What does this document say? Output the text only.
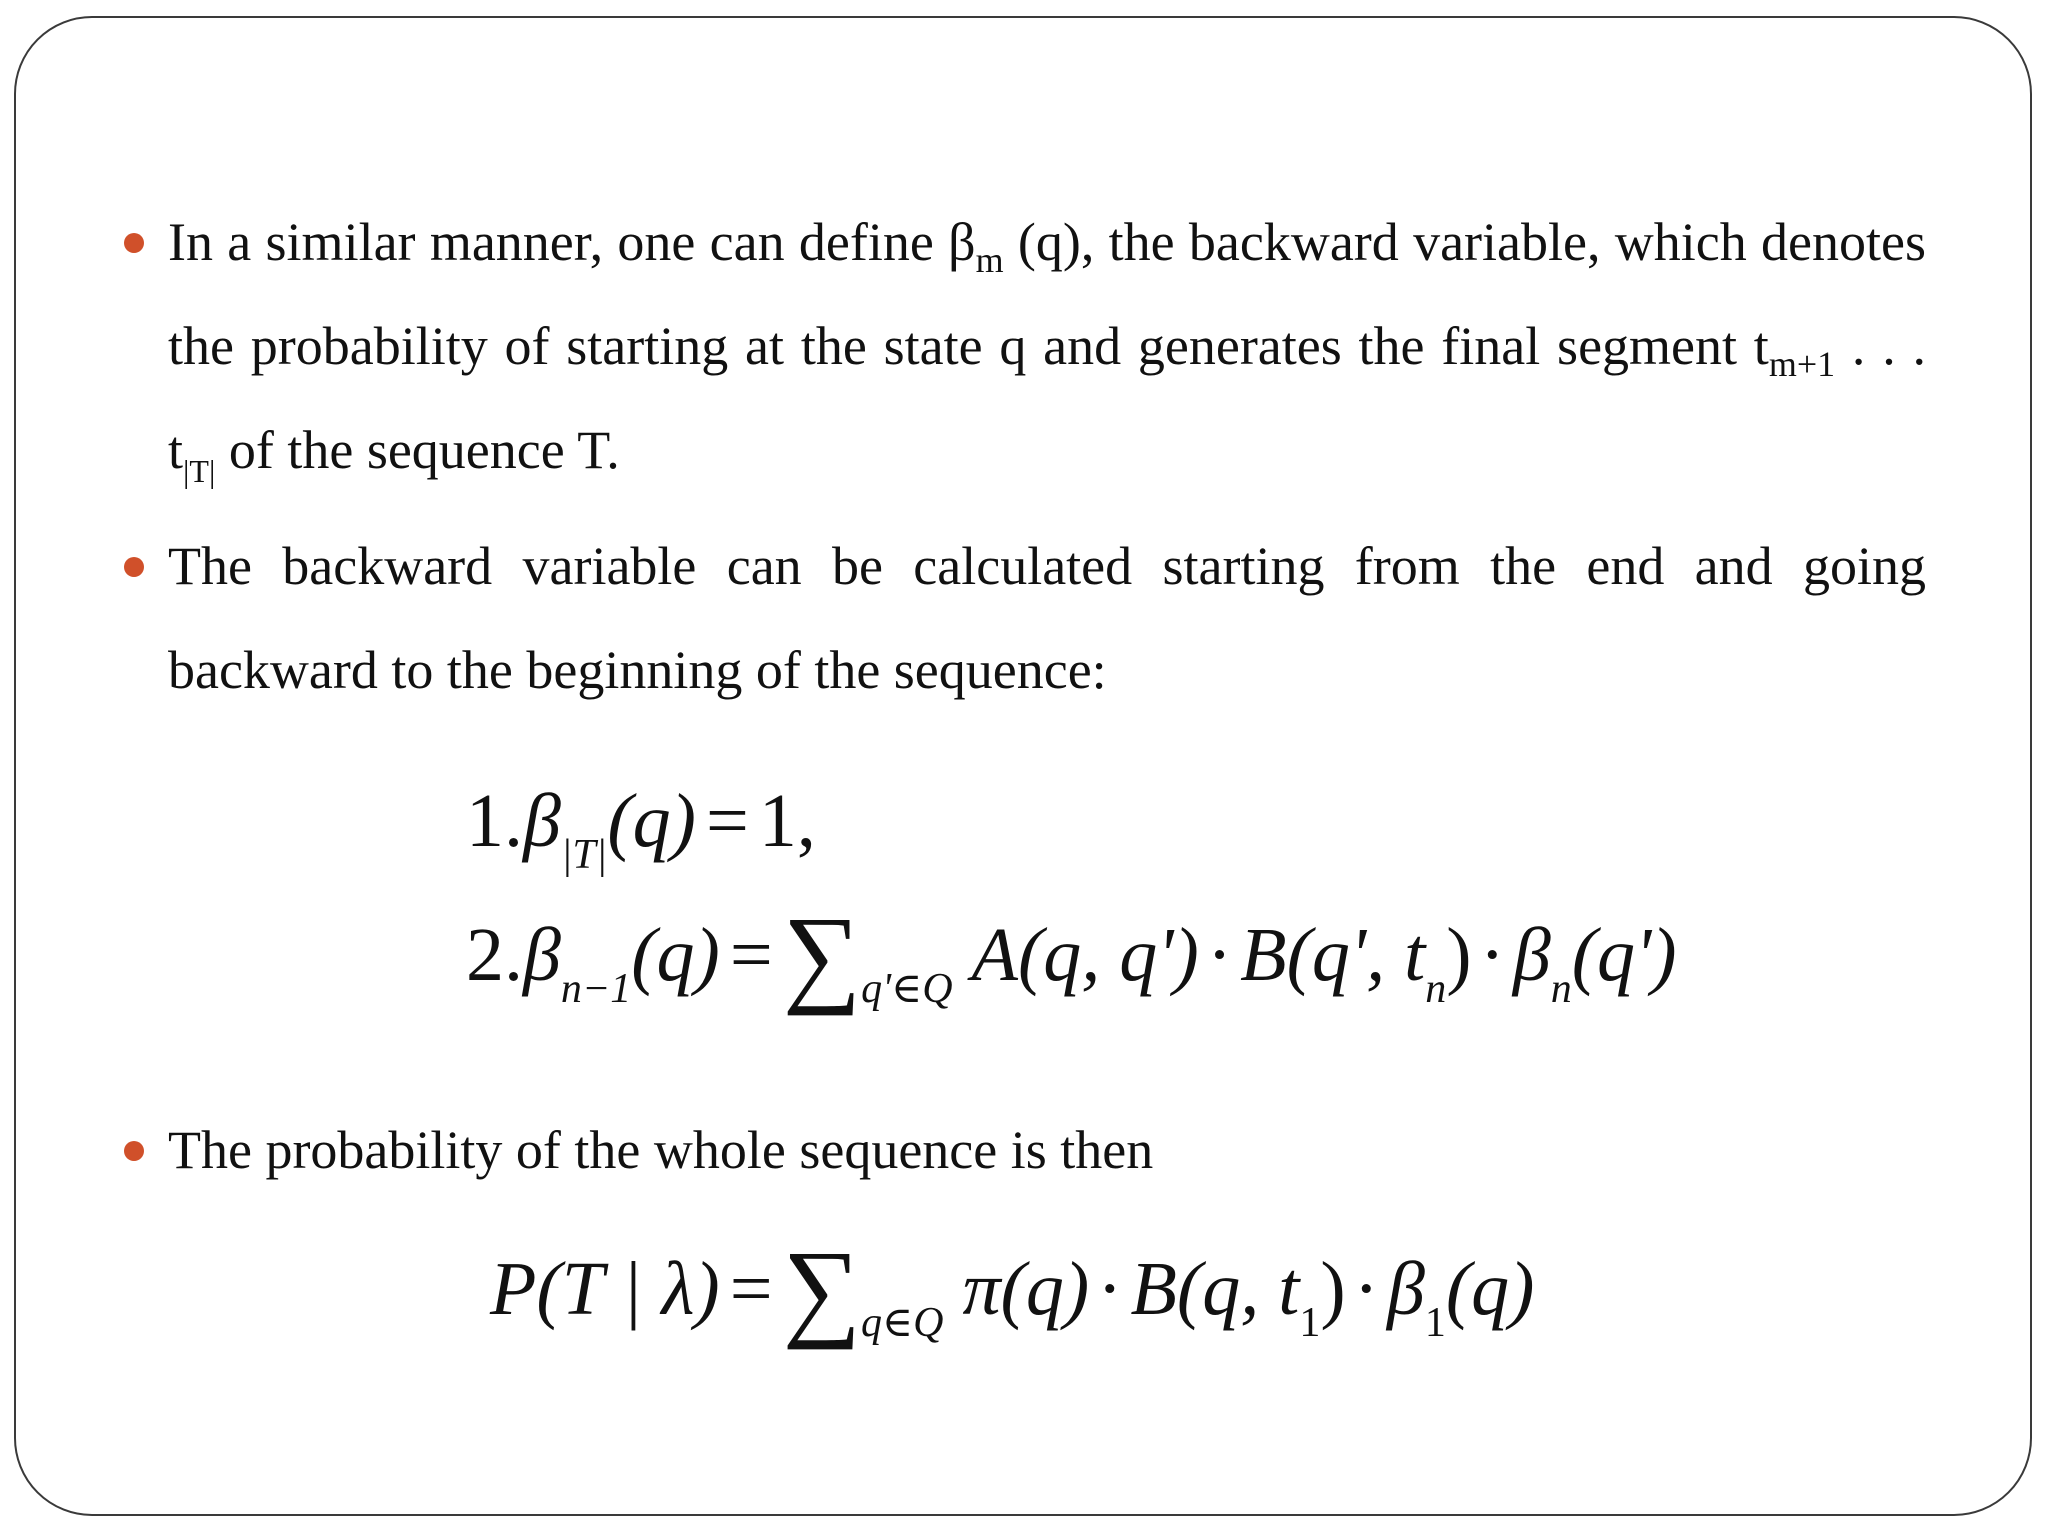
In a similar manner, one can define $\beta_m$ (q), the backward variable, which denotes the probability of starting at the state q and generates the final segment $t_{m+1}$ . . . $t_{|T|}$ of the sequence T.
The backward variable can be calculated starting from the end and going backward to the beginning of the sequence:
$1.\beta_{|T|}(q) = 1$,
$2.\beta_{n-1}(q) =\sum_{q'\in Q}$ A(q, q') · B(q', $t_n) \cdot \beta_n(q')$
The probability of the whole sequence is then
P(T | $\lambda) =\sum_{q\in Q}$ π(q) · B(q, $t_1) \cdot \beta_1(q)$
